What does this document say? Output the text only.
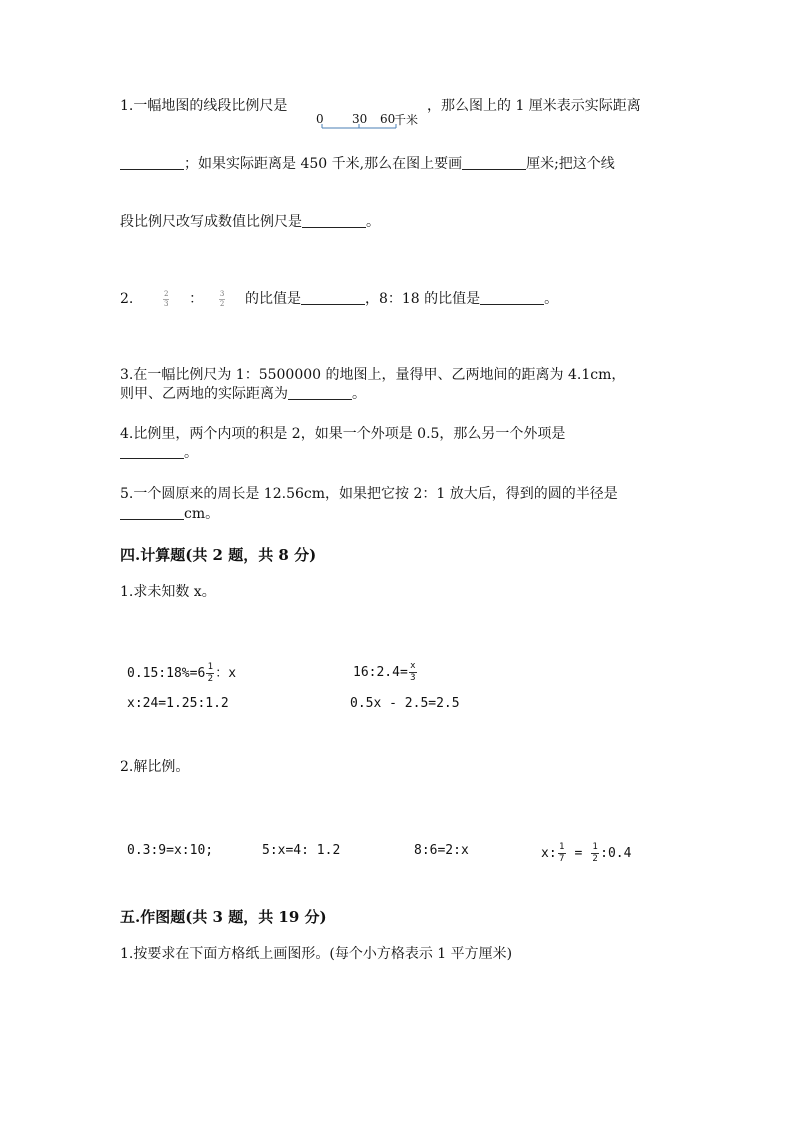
1.一幅地图的线段比例尺是
0 30 60
千米
，那么图上的 1 厘米表示实际距离
；如果实际距离是 450 千米,那么在图上要画	厘米;把这个线
段比例尺改写成数值比例尺是	。
2.	$\frac{2}{3}$ ： $\frac{3}{2}$ 的比值是	，8：18 的比值是	。
3.在一幅比例尺为 1：5500000 的地图上，量得甲、乙两地间的距离为 4.1cm，
则甲、乙两地的实际距离为	。
4.比例里，两个内项的积是 2，如果一个外项是 0.5，那么另一个外项是
。
5.一个圆原来的周长是 12.56cm，如果把它按 2：1 放大后，得到的圆的半径是
cm。
四.计算题(共 2 题，共 8 分)
1.求未知数 x。
0.15:18%=6 $\frac{1}{2}$ ：x	16:2.4= $\frac{x}{3}$
x:24=1.25:1.2	0.5x - 2.5=2.5
2.解比例。
0.3:9=x:10;	5:x=4: 1.2	8:6=2:x	x: $\frac{1}{7} = \frac{1}{2}$ :0.4
五.作图题(共 3 题，共 19 分)
1.按要求在下面方格纸上画图形。(每个小方格表示 1 平方厘米)
